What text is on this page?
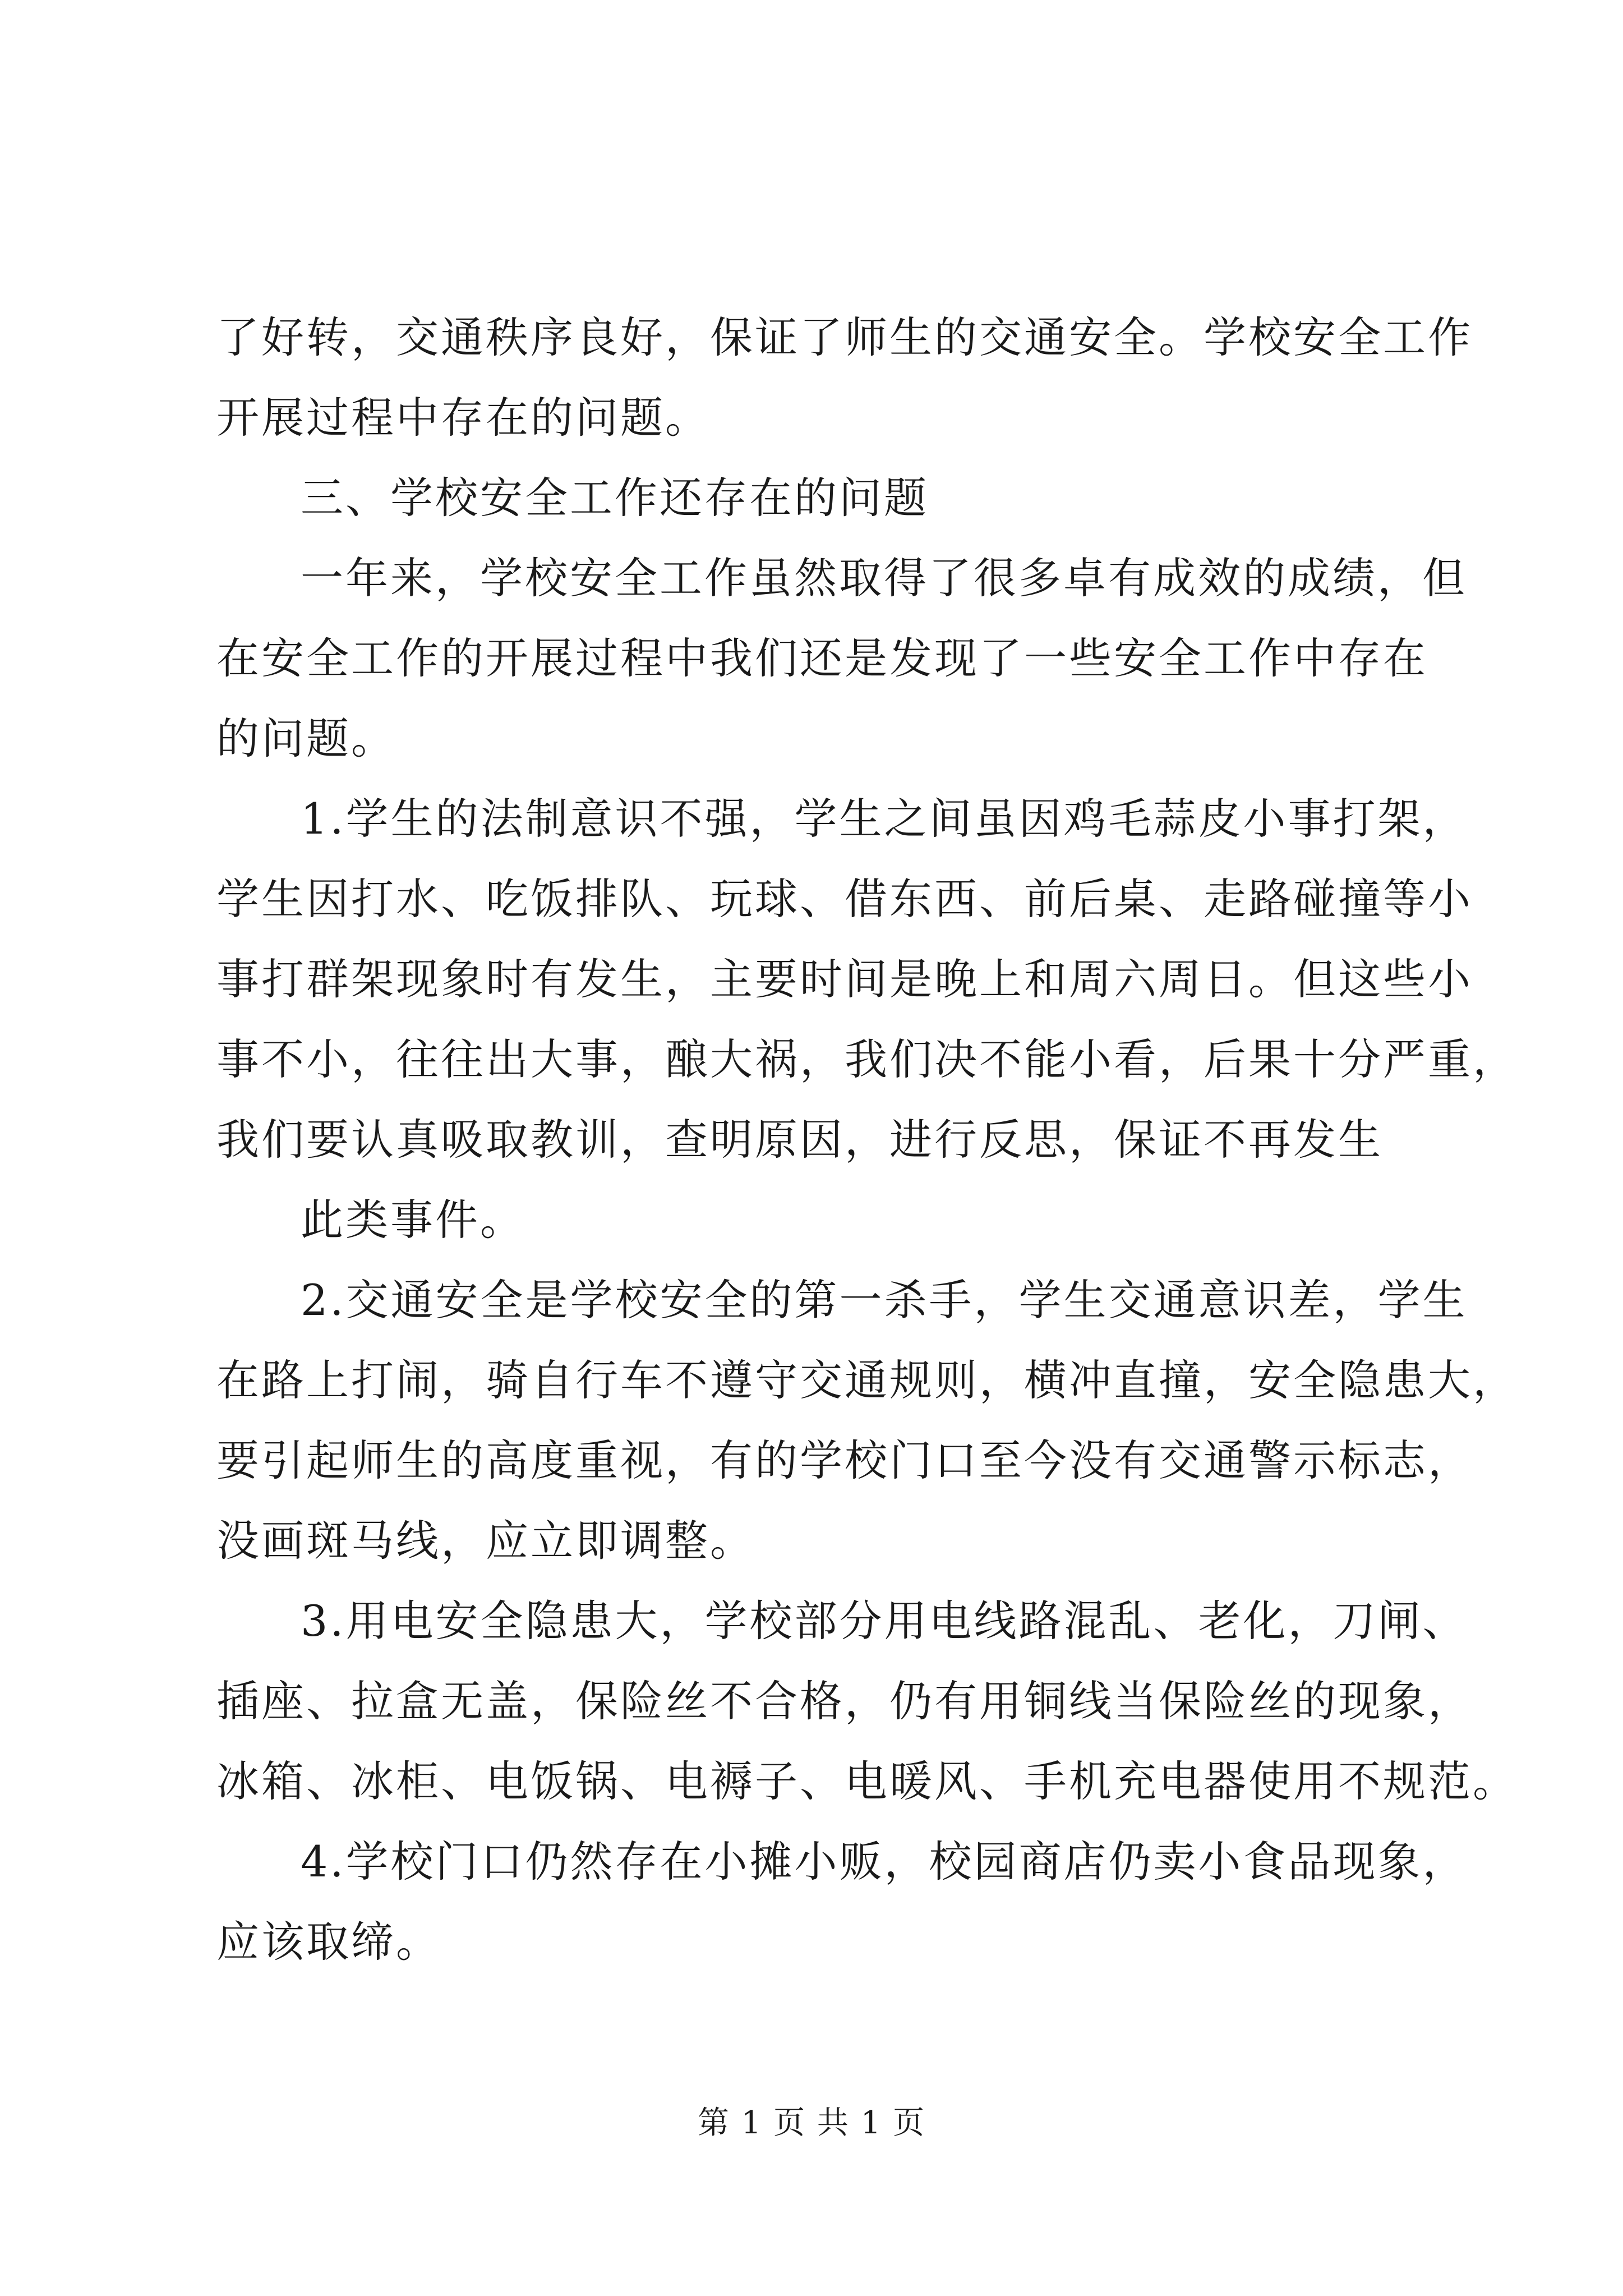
了好转，交通秩序良好，保证了师生的交通安全。学校安全工作
开展过程中存在的问题。
三、学校安全工作还存在的问题
一年来，学校安全工作虽然取得了很多卓有成效的成绩，但
在安全工作的开展过程中我们还是发现了一些安全工作中存在
的问题。
1.学生的法制意识不强，学生之间虽因鸡毛蒜皮小事打架，
学生因打水、吃饭排队、玩球、借东西、前后桌、走路碰撞等小
事打群架现象时有发生，主要时间是晚上和周六周日。但这些小
事不小，往往出大事，酿大祸，我们决不能小看，后果十分严重，
我们要认真吸取教训，查明原因，进行反思，保证不再发生
此类事件。
2.交通安全是学校安全的第一杀手，学生交通意识差，学生
在路上打闹，骑自行车不遵守交通规则，横冲直撞，安全隐患大，
要引起师生的高度重视，有的学校门口至今没有交通警示标志，
没画斑马线，应立即调整。
3.用电安全隐患大，学校部分用电线路混乱、老化，刀闸、
插座、拉盒无盖，保险丝不合格，仍有用铜线当保险丝的现象，
冰箱、冰柜、电饭锅、电褥子、电暖风、手机充电器使用不规范。
4.学校门口仍然存在小摊小贩，校园商店仍卖小食品现象，
应该取缔。
第 1 页 共 1 页
